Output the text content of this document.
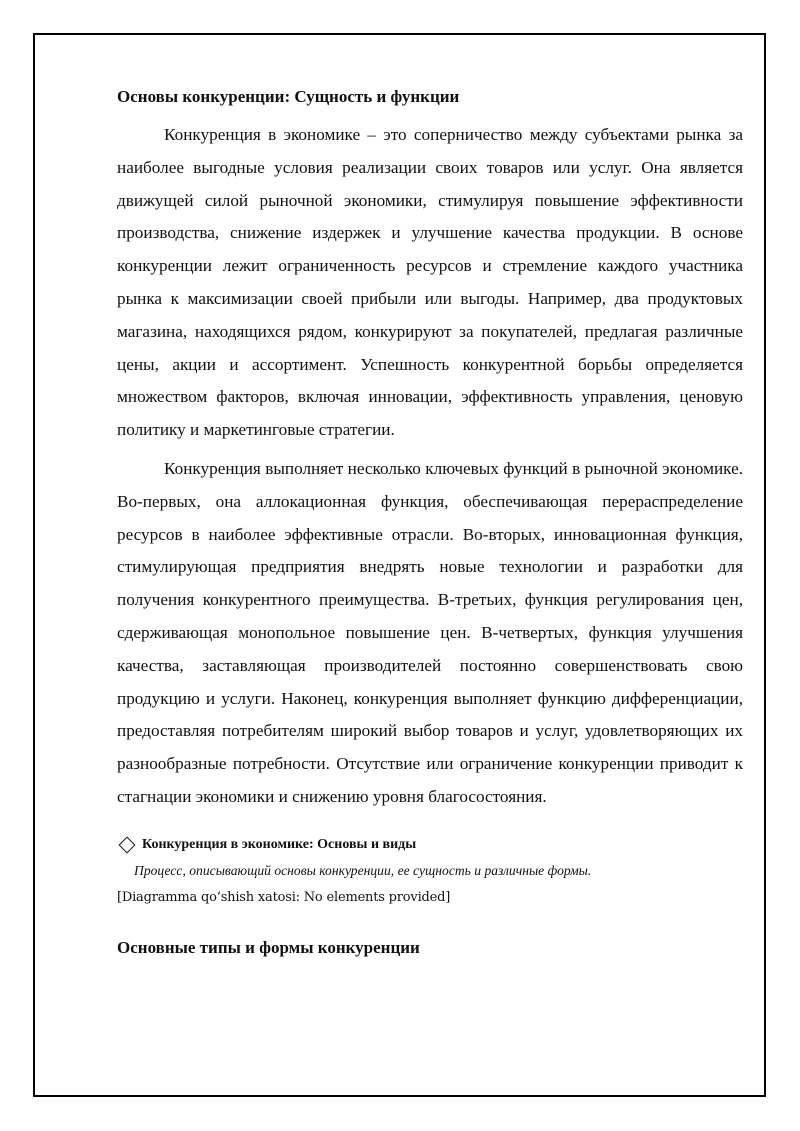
Основы конкуренции: Сущность и функции

Конкуренция в экономике – это соперничество между субъектами рынка за наиболее выгодные условия реализации своих товаров или услуг. Она является движущей силой рыночной экономики, стимулируя повышение эффективности производства, снижение издержек и улучшение качества продукции. В основе конкуренции лежит ограниченность ресурсов и стремление каждого участника рынка к максимизации своей прибыли или выгоды. Например, два продуктовых магазина, находящихся рядом, конкурируют за покупателей, предлагая различные цены, акции и ассортимент. Успешность конкурентной борьбы определяется множеством факторов, включая инновации, эффективность управления, ценовую политику и маркетинговые стратегии.

Конкуренция выполняет несколько ключевых функций в рыночной экономике. Во-первых, она аллокационная функция, обеспечивающая перераспределение ресурсов в наиболее эффективные отрасли. Во-вторых, инновационная функция, стимулирующая предприятия внедрять новые технологии и разработки для получения конкурентного преимущества. В-третьих, функция регулирования цен, сдерживающая монопольное повышение цен. В-четвертых, функция улучшения качества, заставляющая производителей постоянно совершенствовать свою продукцию и услуги. Наконец, конкуренция выполняет функцию дифференциации, предоставляя потребителям широкий выбор товаров и услуг, удовлетворяющих их разнообразные потребности. Отсутствие или ограничение конкуренции приводит к стагнации экономики и снижению уровня благосостояния.

Конкуренция в экономике: Основы и виды
Процесс, описывающий основы конкуренции, ее сущность и различные формы.
[Diagramma qo‘shish xatosi: No elements provided]
Основные типы и формы конкуренции
